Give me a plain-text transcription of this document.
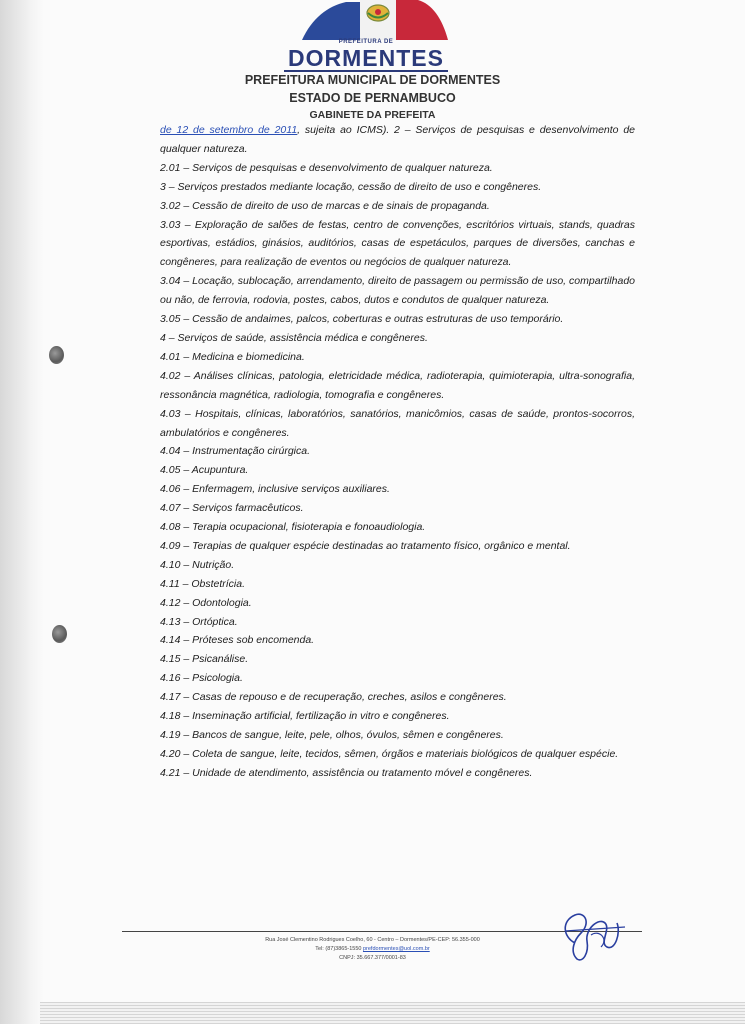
PREFEITURA DE
DORMENTES
PREFEITURA MUNICIPAL DE DORMENTES
ESTADO DE PERNAMBUCO
GABINETE DA PREFEITA

de 12 de setembro de 2011, sujeita ao ICMS). 2 – Serviços de pesquisas e desenvolvimento de qualquer natureza.

2.01 – Serviços de pesquisas e desenvolvimento de qualquer natureza.

3 – Serviços prestados mediante locação, cessão de direito de uso e congêneres.

3.02 – Cessão de direito de uso de marcas e de sinais de propaganda.

3.03 – Exploração de salões de festas, centro de convenções, escritórios virtuais, stands, quadras esportivas, estádios, ginásios, auditórios, casas de espetáculos, parques de diversões, canchas e congêneres, para realização de eventos ou negócios de qualquer natureza.

3.04 – Locação, sublocação, arrendamento, direito de passagem ou permissão de uso, compartilhado ou não, de ferrovia, rodovia, postes, cabos, dutos e condutos de qualquer natureza.

3.05 – Cessão de andaimes, palcos, coberturas e outras estruturas de uso temporário.

4 – Serviços de saúde, assistência médica e congêneres.

4.01 – Medicina e biomedicina.

4.02 – Análises clínicas, patologia, eletricidade médica, radioterapia, quimioterapia, ultra-sonografia, ressonância magnética, radiologia, tomografia e congêneres.

4.03 – Hospitais, clínicas, laboratórios, sanatórios, manicômios, casas de saúde, prontos-socorros, ambulatórios e congêneres.

4.04 – Instrumentação cirúrgica.

4.05 – Acupuntura.

4.06 – Enfermagem, inclusive serviços auxiliares.

4.07 – Serviços farmacêuticos.

4.08 – Terapia ocupacional, fisioterapia e fonoaudiologia.

4.09 – Terapias de qualquer espécie destinadas ao tratamento físico, orgânico e mental.

4.10 – Nutrição.

4.11 – Obstetrícia.

4.12 – Odontologia.

4.13 – Ortóptica.

4.14 – Próteses sob encomenda.

4.15 – Psicanálise.

4.16 – Psicologia.

4.17 – Casas de repouso e de recuperação, creches, asilos e congêneres.

4.18 – Inseminação artificial, fertilização in vitro e congêneres.

4.19 – Bancos de sangue, leite, pele, olhos, óvulos, sêmen e congêneres.

4.20 – Coleta de sangue, leite, tecidos, sêmen, órgãos e materiais biológicos de qualquer espécie.

4.21 – Unidade de atendimento, assistência ou tratamento móvel e congêneres.

Rua José Clementino Rodrigues Coelho, 60 - Centro – Dormentes/PE-CEP: 56.355-000
Tel: (87)3865-1550 prefdormentes@uol.com.br
CNPJ: 35.667.377/0001-83
